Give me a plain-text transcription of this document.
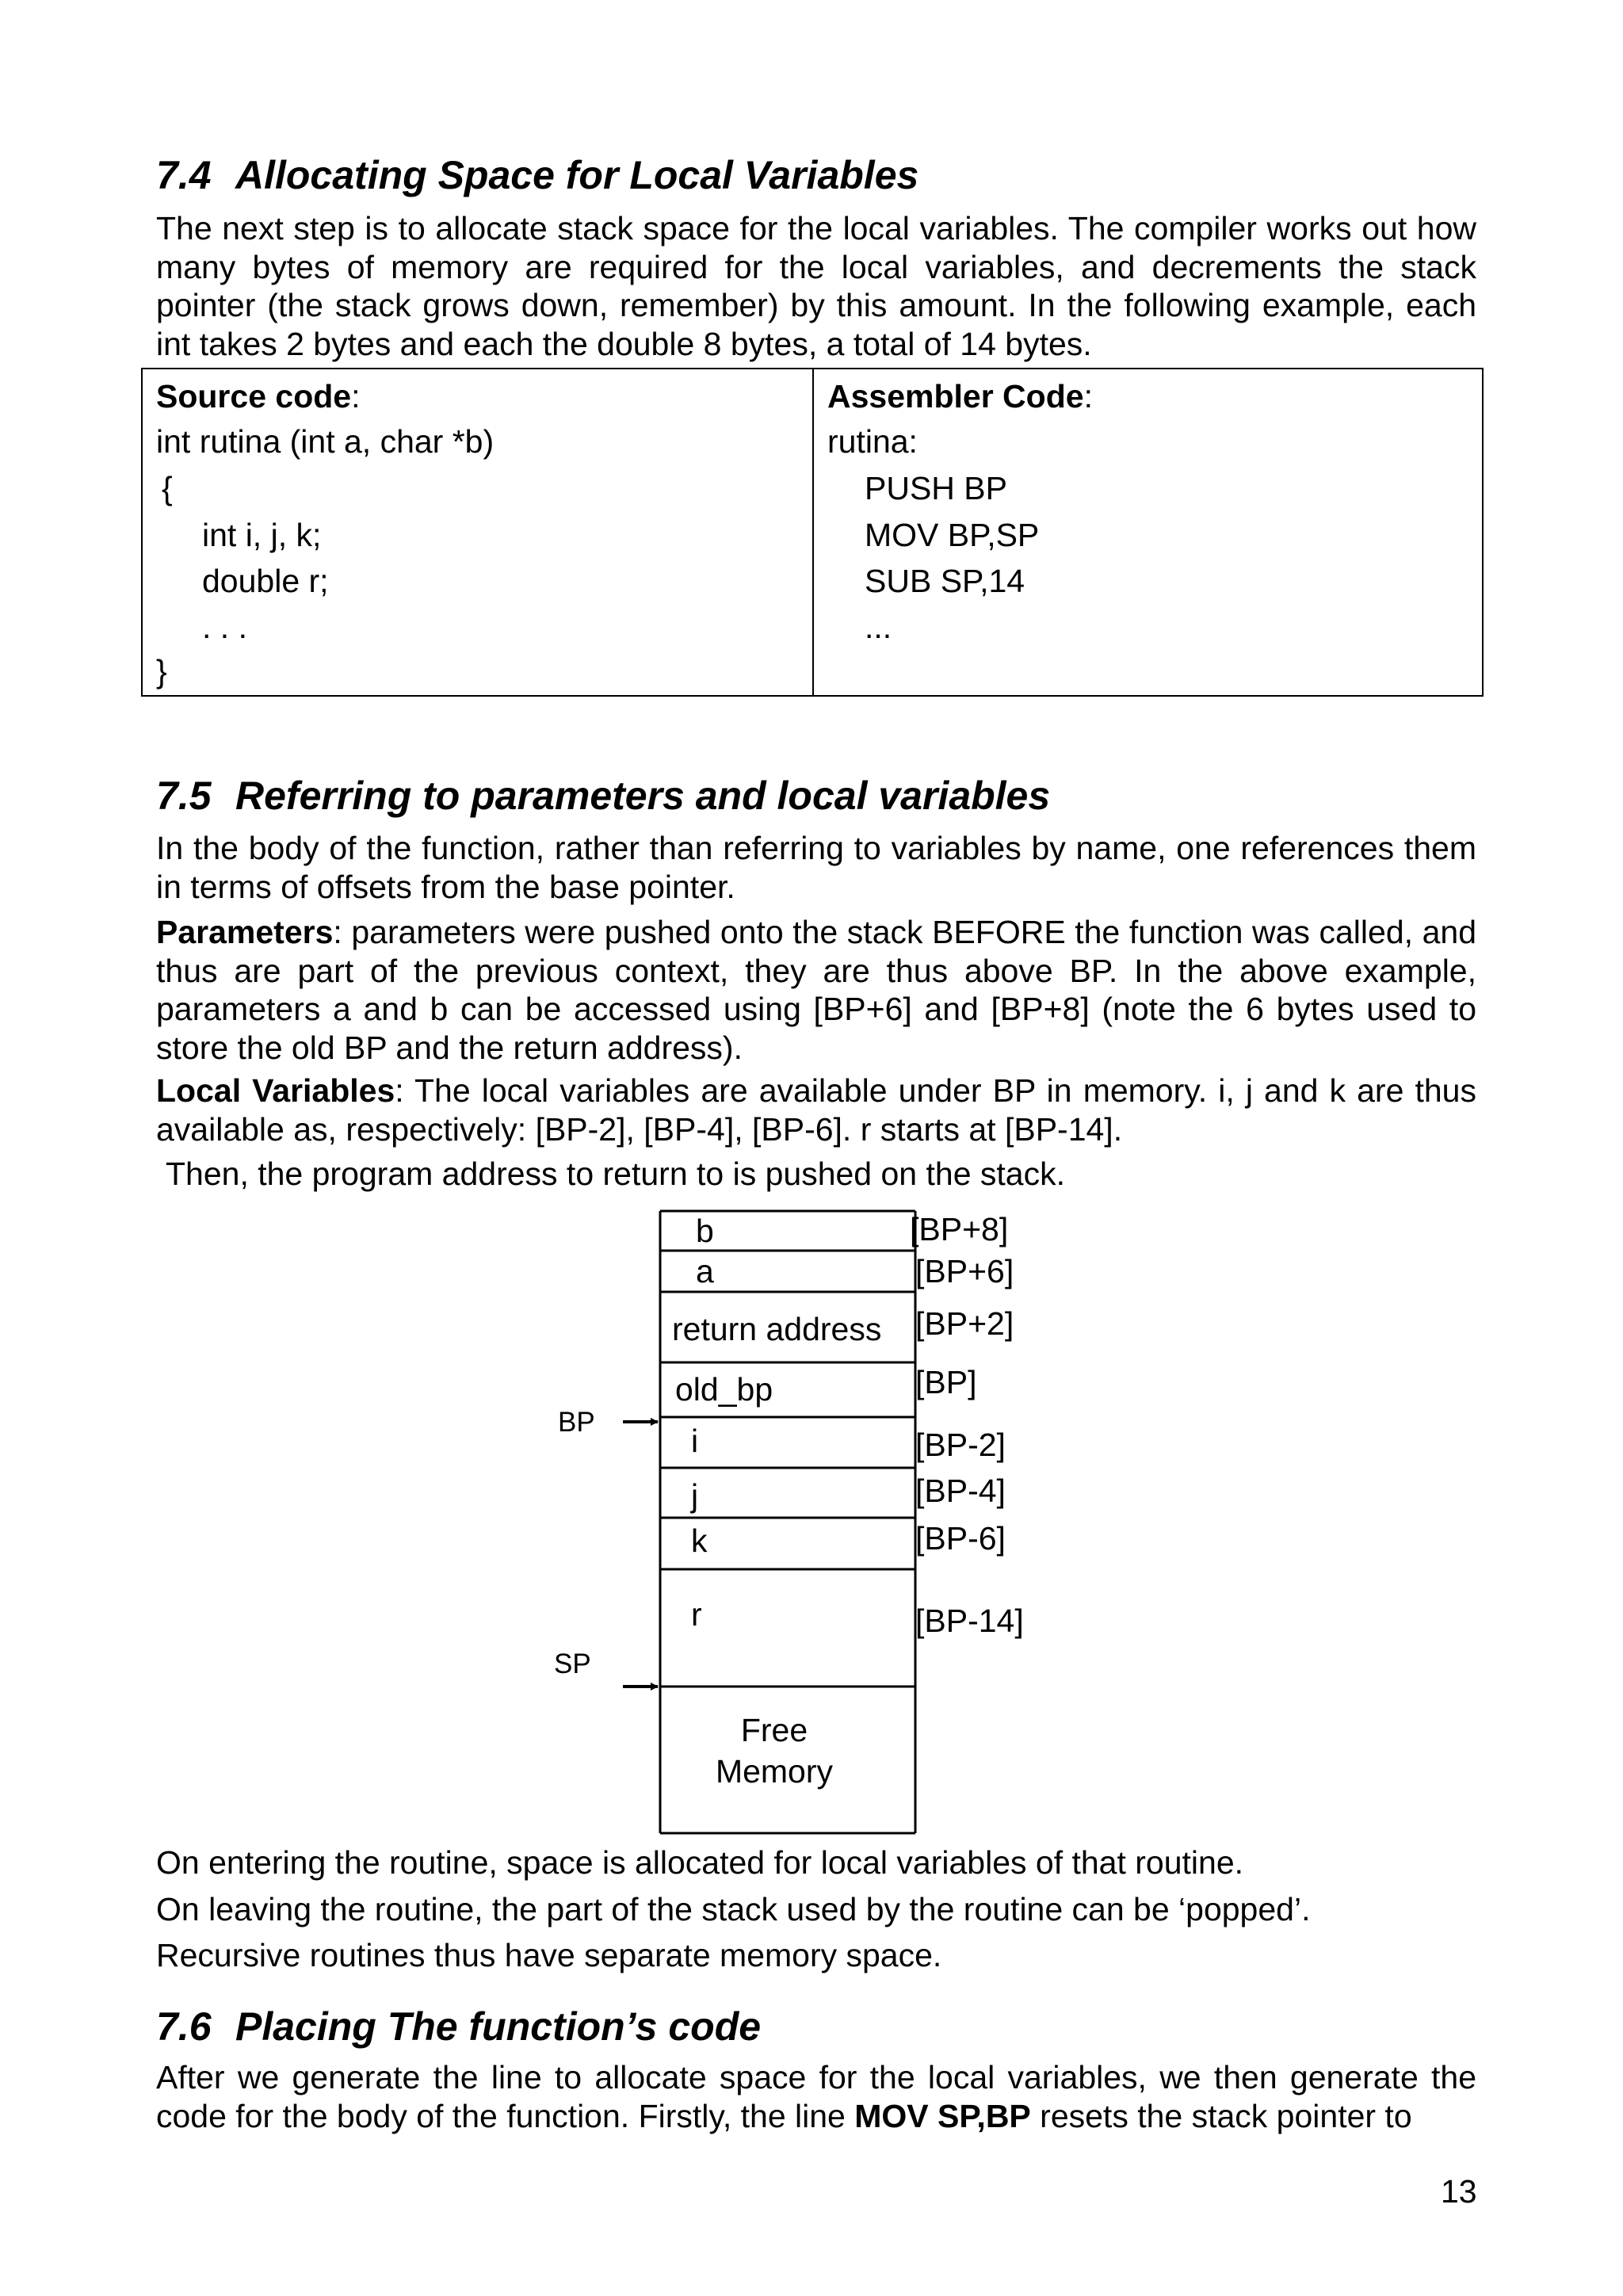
7.4 Allocating Space for Local Variables

The next step is to allocate stack space for the local variables. The compiler works out how many bytes of memory are required for the local variables, and decrements the stack pointer (the stack grows down, remember) by this amount. In the following example, each int takes 2 bytes and each the double 8 bytes, a total of 14 bytes.

Source code:
int rutina (int a, char *b)
{
int i, j, k;
double r;
. . .
}
Assembler Code:
rutina:
PUSH BP
MOV BP,SP
SUB SP,14
...
7.5 Referring to parameters and local variables

In the body of the function, rather than referring to variables by name, one references them in terms of offsets from the base pointer.

Parameters: parameters were pushed onto the stack BEFORE the function was called, and thus are part of the previous context, they are thus above BP. In the above example, parameters a and b can be accessed using [BP+6] and [BP+8] (note the 6 bytes used to store the old BP and the return address).

Local Variables: The local variables are available under BP in memory. i, j and k are thus available as, respectively: [BP-2], [BP-4], [BP-6]. r starts at [BP-14].

Then, the program address to return to is pushed on the stack.

b
a
return address
old_bp
i
j
k
r
Free
Memory
[BP+8]
[BP+6]
[BP+2]
[BP]
[BP-2]
[BP-4]
[BP-6]
[BP-14]
BP
SP

On entering the routine, space is allocated for local variables of that routine.

On leaving the routine, the part of the stack used by the routine can be ‘popped’.

Recursive routines thus have separate memory space.

7.6 Placing The function’s code

After we generate the line to allocate space for the local variables, we then generate the code for the body of the function. Firstly, the line MOV SP,BP resets the stack pointer to

13
